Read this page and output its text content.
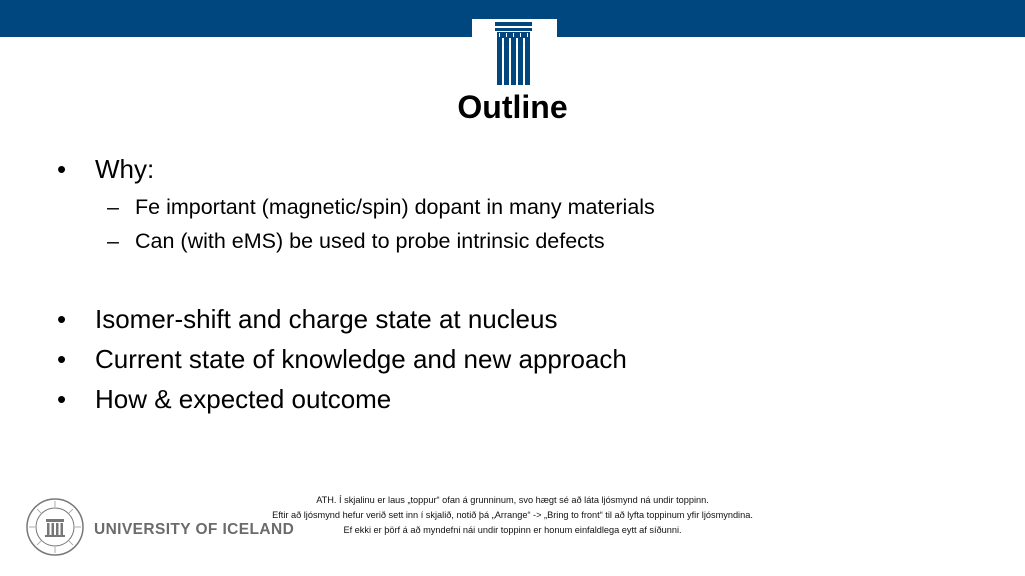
Outline
• Why:
– Fe important (magnetic/spin) dopant in many materials
– Can (with eMS) be used to probe intrinsic defects
• Isomer-shift and charge state at nucleus
• Current state of knowledge and new approach
• How & expected outcome
ATH. Í skjalinu er laus „toppur“ ofan á grunninum, svo hægt sé að láta ljósmynd ná undir toppinn.
Eftir að ljósmynd hefur verið sett inn í skjalið, notið þá „Arrange“ -> „Bring to front“ til að lyfta toppinum yfir ljósmyndina.
Ef ekki er þörf á að myndefni nái undir toppinn er honum einfaldlega eytt af síðunni.
UNIVERSITY OF ICELAND
